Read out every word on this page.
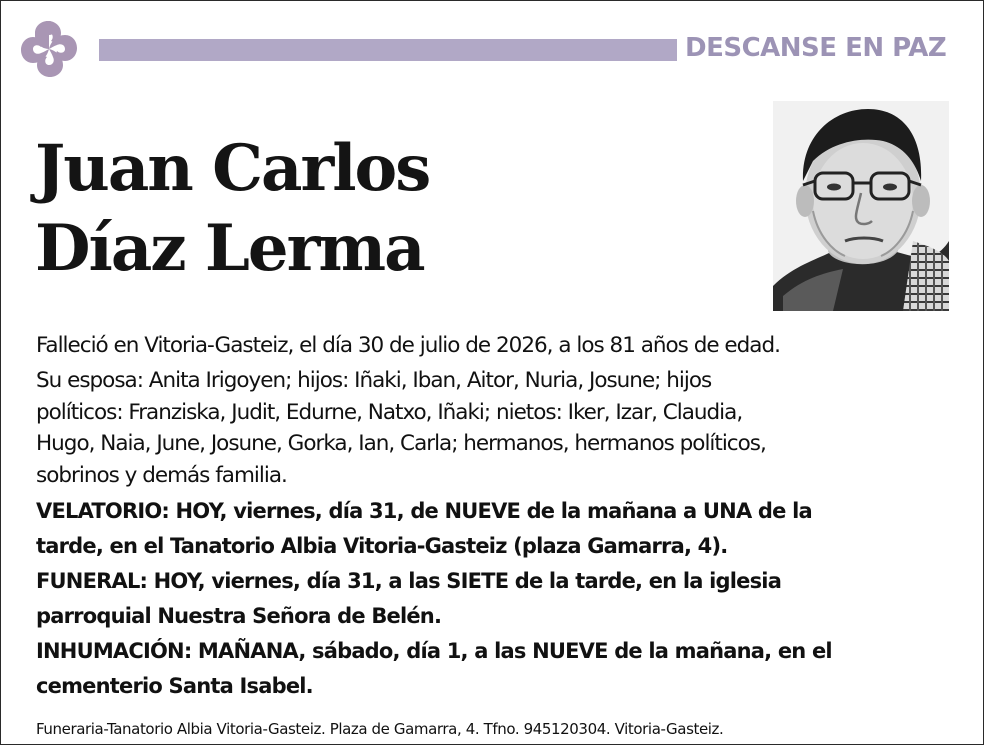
DESCANSE EN PAZ
Juan Carlos
Díaz Lerma
Falleció en Vitoria-Gasteiz, el día 30 de julio de 2026, a los 81 años de edad.
Su esposa: Anita Irigoyen; hijos: Iñaki, Iban, Aitor, Nuria, Josune; hijos
políticos: Franziska, Judit, Edurne, Natxo, Iñaki; nietos: Iker, Izar, Claudia,
Hugo, Naia, June, Josune, Gorka, Ian, Carla; hermanos, hermanos políticos,
sobrinos y demás familia.
VELATORIO: HOY, viernes, día 31, de NUEVE de la mañana a UNA de la
tarde, en el Tanatorio Albia Vitoria-Gasteiz (plaza Gamarra, 4).
FUNERAL: HOY, viernes, día 31, a las SIETE de la tarde, en la iglesia
parroquial Nuestra Señora de Belén.
INHUMACIÓN: MAÑANA, sábado, día 1, a las NUEVE de la mañana, en el
cementerio Santa Isabel.
Funeraria-Tanatorio Albia Vitoria-Gasteiz. Plaza de Gamarra, 4. Tfno. 945120304. Vitoria-Gasteiz.
